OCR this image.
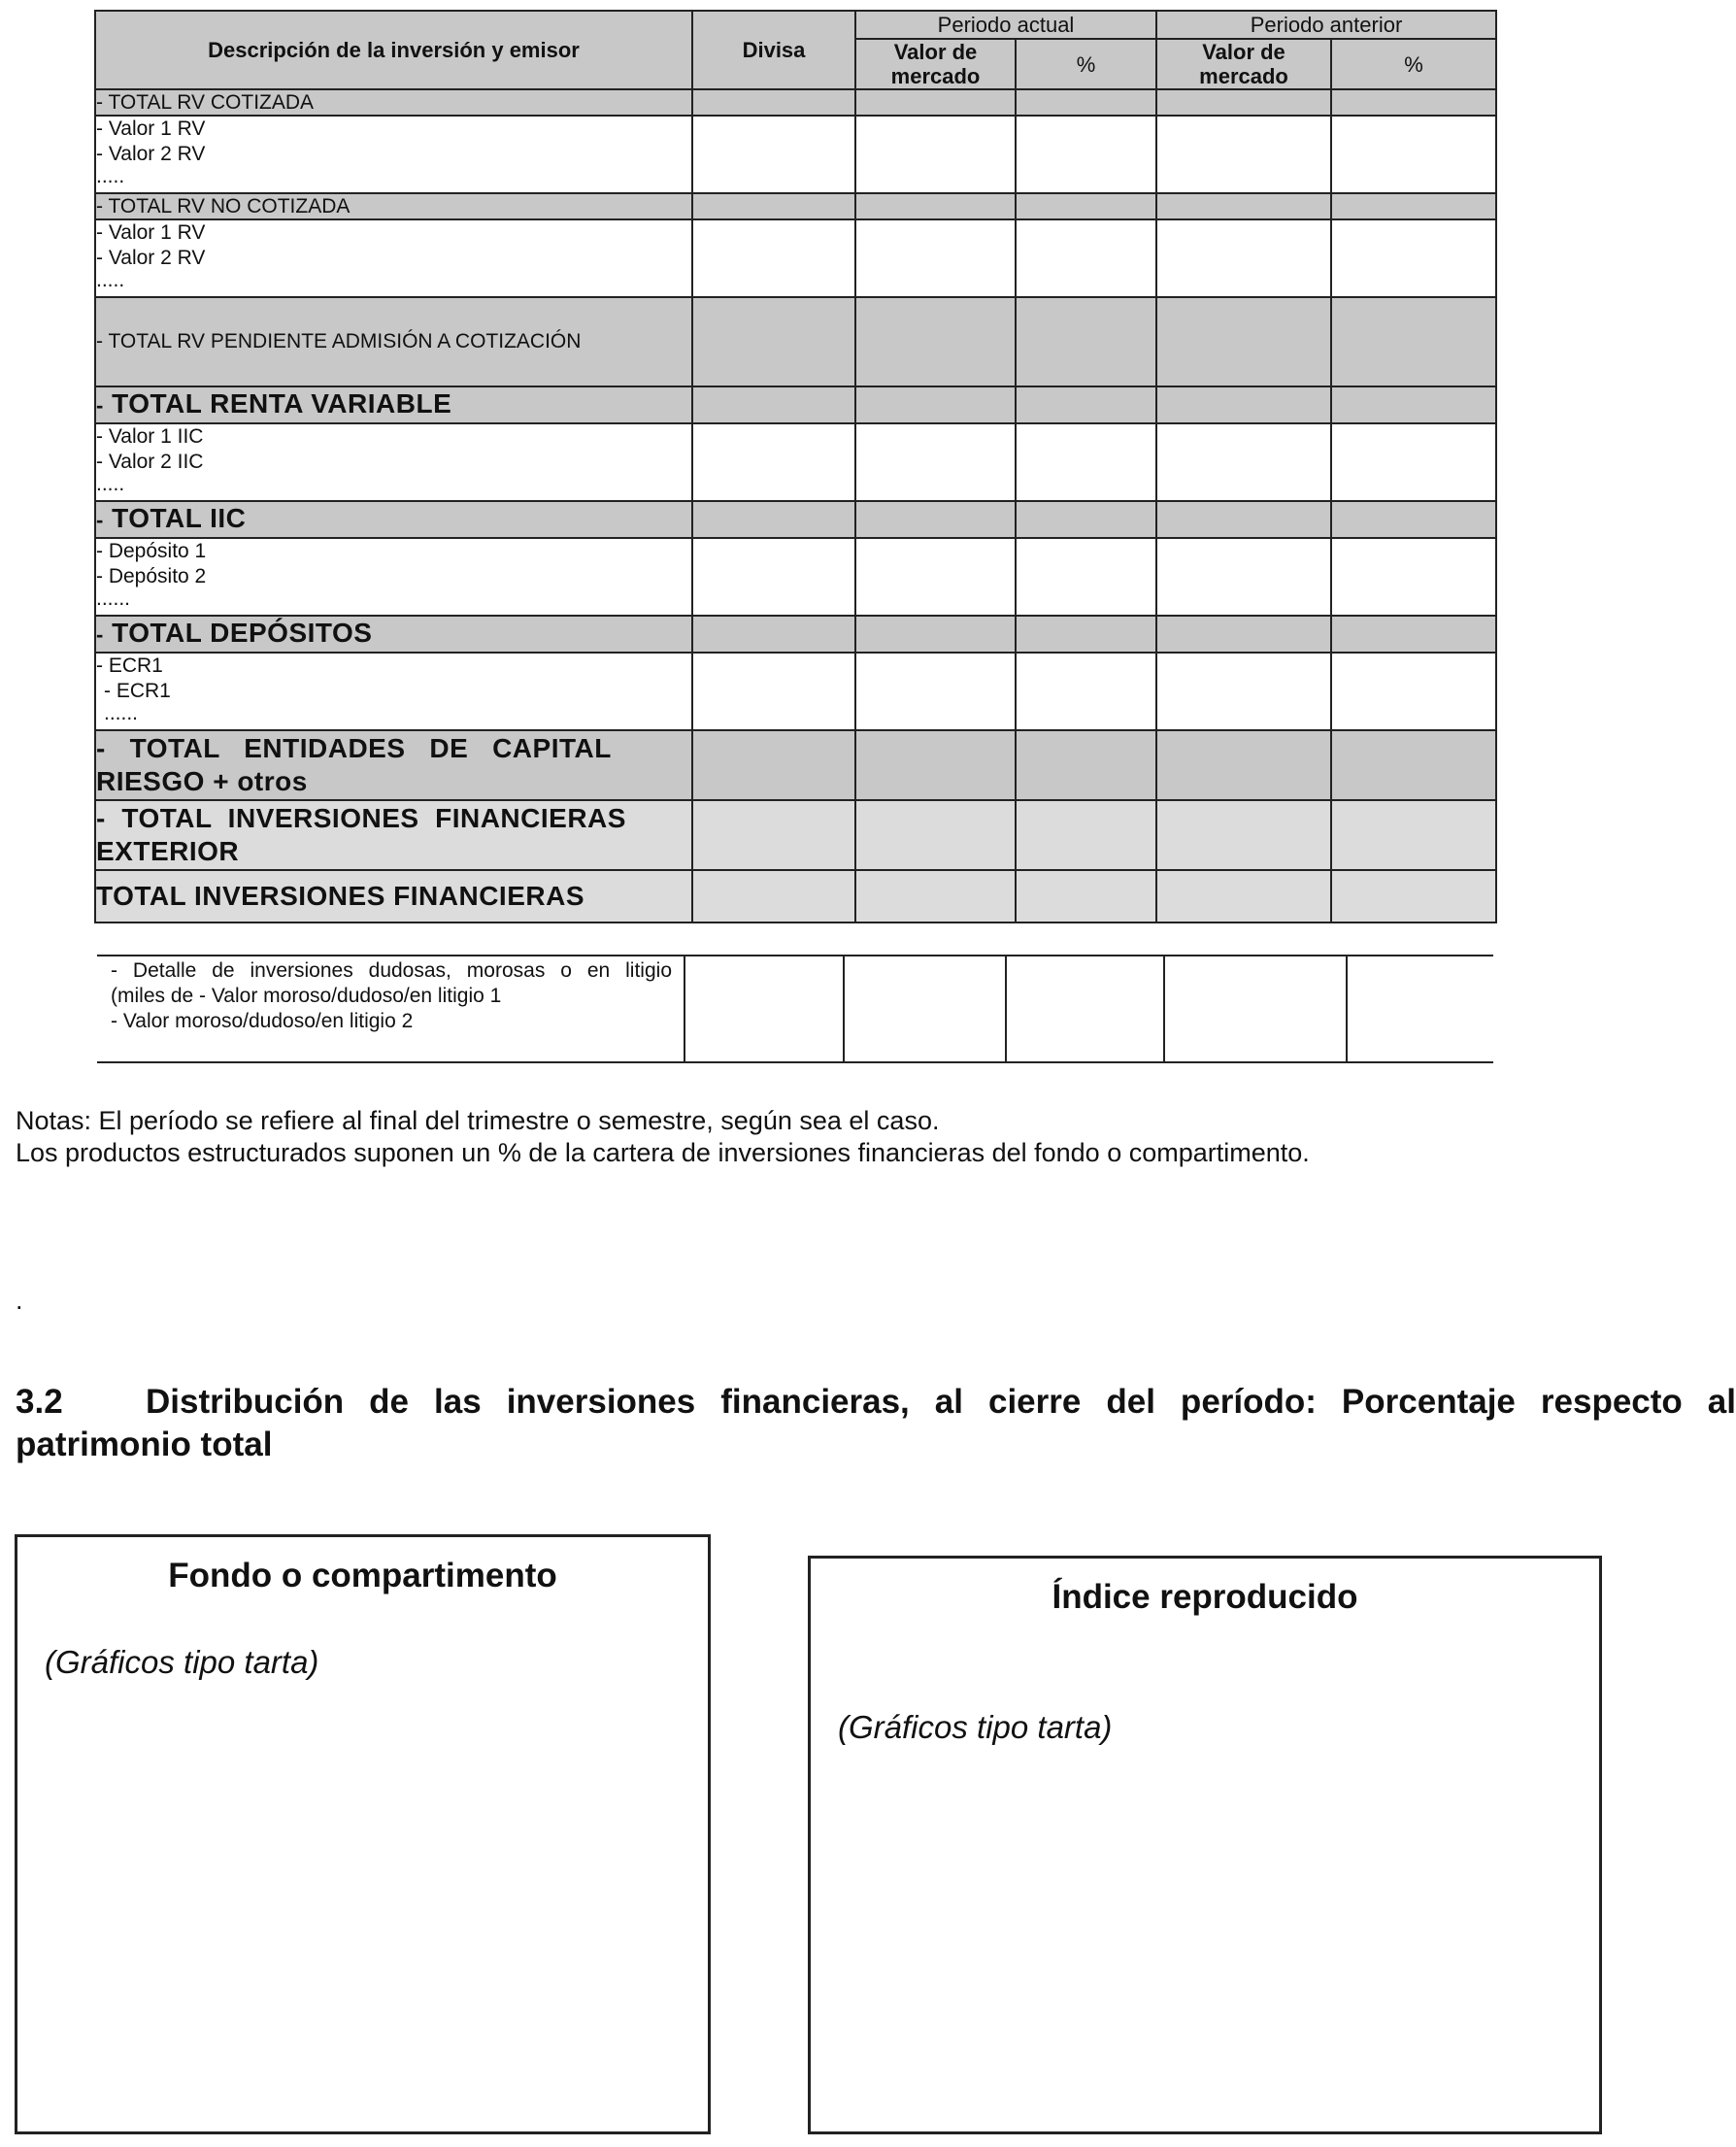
Descripción de la inversión y emisor	Divisa	Periodo actual		Periodo anterior	
		Valor de mercado	%	Valor de mercado	%
- TOTAL RV COTIZADA					

- Valor 1 RV
- Valor 2 RV
.....					

- TOTAL RV NO COTIZADA					

- Valor 1 RV
- Valor 2 RV
.....					

- TOTAL RV PENDIENTE ADMISIÓN A COTIZACIÓN					
- TOTAL RENTA VARIABLE					

- Valor 1 IIC
- Valor 2 IIC
.....					

- TOTAL IIC					

- Depósito 1
- Depósito 2
......					

- TOTAL DEPÓSITOS					

- ECR1
- ECR1
......					

-   TOTAL   ENTIDADES   DE   CAPITAL
RIESGO + otros					

-  TOTAL  INVERSIONES  FINANCIERAS
EXTERIOR					

TOTAL INVERSIONES FINANCIERAS					
- Detalle de inversiones dudosas, morosas o en litigio
(miles de - Valor moroso/dudoso/en litigio 1
- Valor moroso/dudoso/en litigio 2

Notas: El período se refiere al final del trimestre o semestre, según sea el caso.
Los productos estructurados suponen un % de la cartera de inversiones financieras del fondo o compartimento.
.
3.2 Distribución de las inversiones financieras, al cierre del período: Porcentaje respecto al patrimonio total
Fondo o compartimento
(Gráficos tipo tarta)
Índice reproducido
(Gráficos tipo tarta)
